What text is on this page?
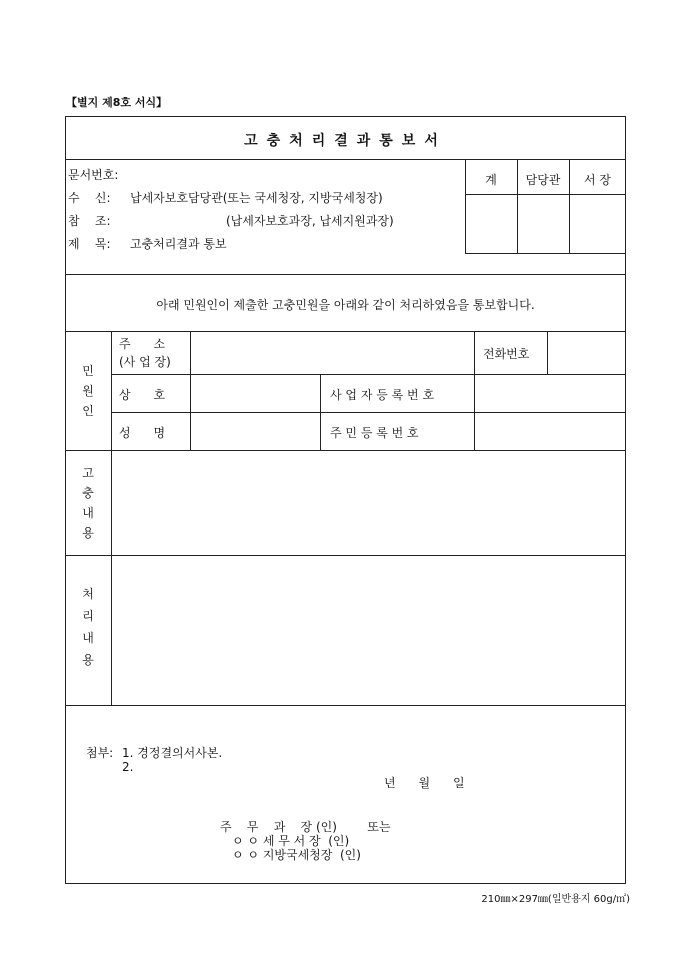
【별지 제8호 서식】
고충처리결과통보서
문서번호:
수    신: 납세자보호담당관(또는 국세청장, 지방국세청장)
참    조:	(납세자보호과장, 납세지원과장)
제    목: 고충처리결과 통보
계	담당관	서 장
아래 민원인이 제출한 고충민원을 아래와 같이 처리하였음을 통보합니다.
민
원
인
주      소
(사 업 장)
전화번호
상      호	사 업 자 등 록 번 호
성      명	주 민 등 록 번 호
고
충
내
용
처
리
내
용
첨부: 1. 경정결의서사본.
2.
년      월      일
주    무    과    장 (인)        또는
ㅇ ㅇ 세 무 서 장  (인)
ㅇ ㅇ 지방국세청장  (인)
210㎜×297㎜(일반용지 60g/㎡)
